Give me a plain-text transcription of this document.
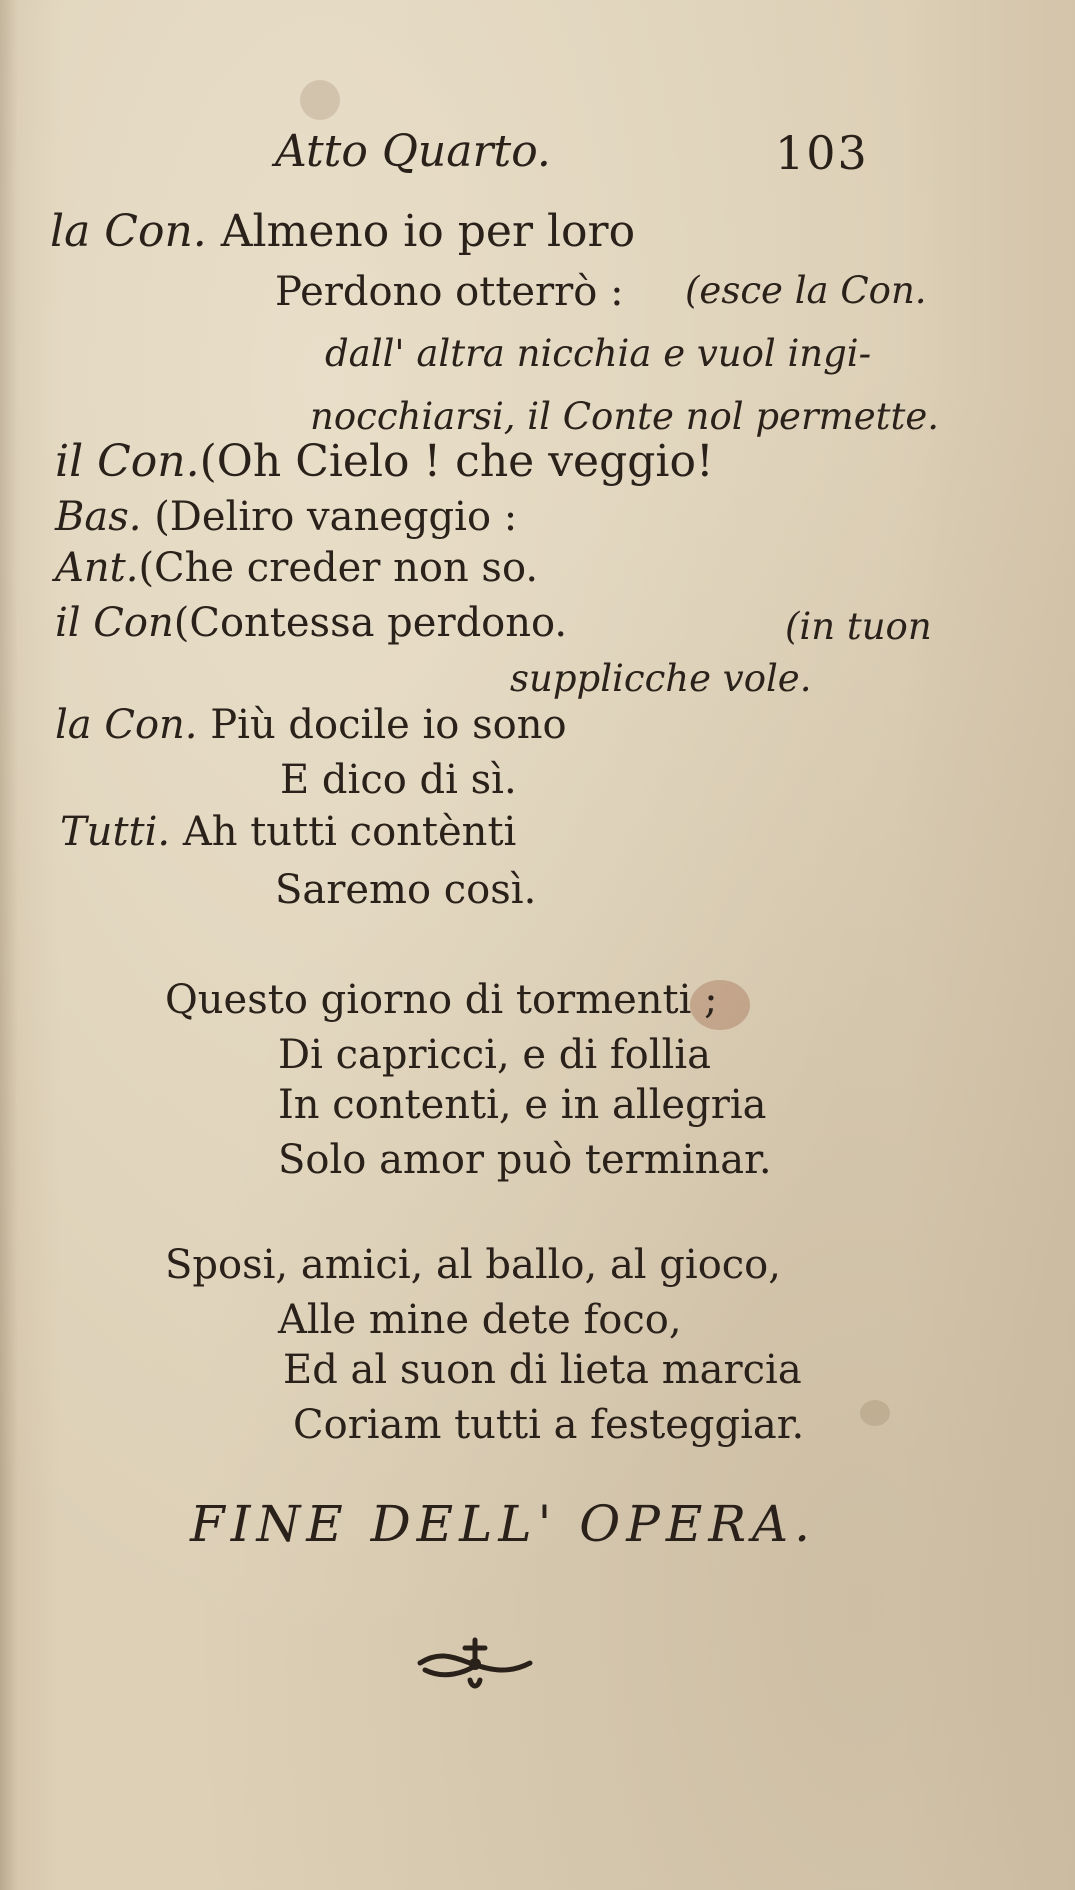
Atto Quarto.	103
la Con. Almeno io per loro
Perdono otterrò : (esce la Con.
dall' altra nicchia e vuol ingi-
nocchiarsi, il Conte nol permette.
il Con.(Oh Cielo ! che veggio!
Bas. (Deliro vaneggio :
Ant.(Che creder non so.
il Con(Contessa perdono.	(in tuon
supplicche vole.
la Con. Più docile io sono
E dico di sì.
Tutti. Ah tutti contènti
Saremo così.
Questo giorno di tormenti ;
Di capricci, e di follia
In contenti, e in allegria
Solo amor può terminar.
Sposi, amici, al ballo, al gioco,
Alle mine dete foco,
Ed al suon di lieta marcia
Coriam tutti a festeggiar.
FINE DELL' OPERA.
